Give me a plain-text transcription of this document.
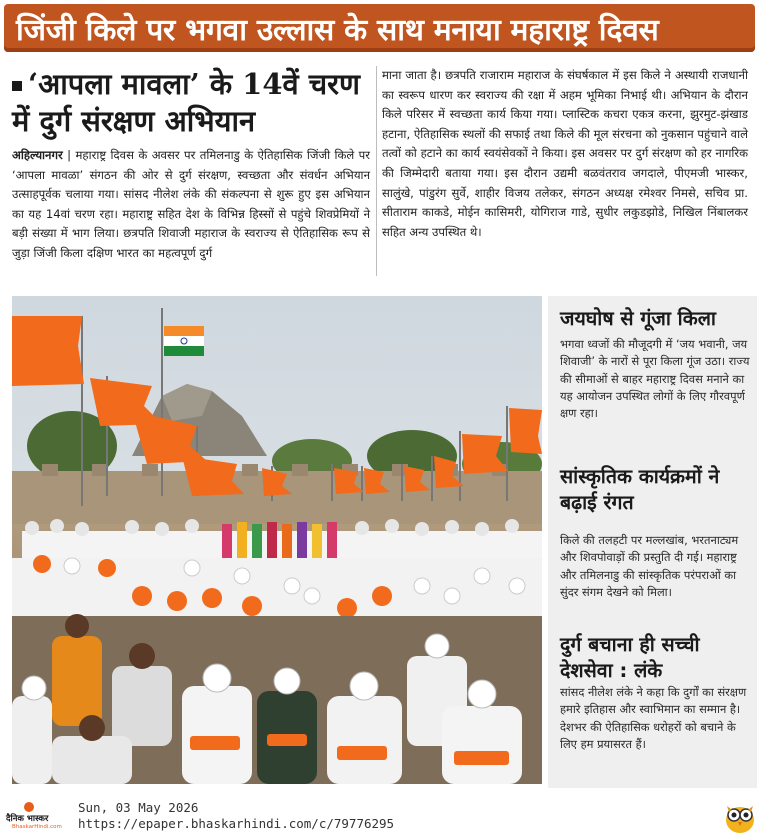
जिंजी किले पर भगवा उल्लास के साथ मनाया महाराष्ट्र दिवस
‘आपला मावला’ के 14वें चरण में दुर्ग संरक्षण अभियान
अहिल्यानगर | महाराष्ट्र दिवस के अवसर पर तमिलनाडु के ऐतिहासिक जिंजी किले पर ‘आपला मावळा’ संगठन की ओर से दुर्ग संरक्षण, स्वच्छता और संवर्धन अभियान उत्साहपूर्वक चलाया गया। सांसद नीलेश लंके की संकल्पना से शुरू हुए इस अभियान का यह 14वां चरण रहा। महाराष्ट्र सहित देश के विभिन्न हिस्सों से पहुंचे शिवप्रेमियों ने बड़ी संख्या में भाग लिया। छत्रपति शिवाजी महाराज के स्वराज्य से ऐतिहासिक रूप से जुड़ा जिंजी किला दक्षिण भारत का महत्वपूर्ण दुर्ग
माना जाता है। छत्रपति राजाराम महाराज के संघर्षकाल में इस किले ने अस्थायी राजधानी का स्वरूप धारण कर स्वराज्य की रक्षा में अहम भूमिका निभाई थी। अभियान के दौरान किले परिसर में स्वच्छता कार्य किया गया। प्लास्टिक कचरा एकत्र करना, झुरमुट-झंखाड हटाना, ऐतिहासिक स्थलों की सफाई तथा किले की मूल संरचना को नुकसान पहुंचाने वाले तत्वों को हटाने का कार्य स्वयंसेवकों ने किया। इस अवसर पर दुर्ग संरक्षण को हर नागरिक की जिम्मेदारी बताया गया। इस दौरान उद्यमी बळवंतराव जगदाले, पीएमजी भास्कर, सालुंखे, पांडुरंग सुर्वे, शाहीर विजय तलेकर, संगठन अध्यक्ष रमेश्वर निमसे, सचिव प्रा. सीताराम काकडे, मोईन कासिमरी, योगिराज गाडे, सुधीर लकुडझोडे, निखिल निंबालकर सहित अन्य उपस्थित थे।
जयघोष से गूंजा किला
भगवा ध्वजों की मौजूदगी में ‘जय भवानी, जय शिवाजी’ के नारों से पूरा किला गूंज उठा। राज्य की सीमाओं से बाहर महाराष्ट्र दिवस मनाने का यह आयोजन उपस्थित लोगों के लिए गौरवपूर्ण क्षण रहा।
सांस्कृतिक कार्यक्रमों ने बढ़ाई रंगत
किले की तलहटी पर मल्लखांब, भरतनाट्यम और शिवपोवाड़ों की प्रस्तुति दी गई। महाराष्ट्र और तमिलनाडु की सांस्कृतिक परंपराओं का सुंदर संगम देखने को मिला।
दुर्ग बचाना ही सच्ची देशसेवा : लंके
सांसद नीलेश लंके ने कहा कि दुर्गों का संरक्षण हमारे इतिहास और स्वाभिमान का सम्मान है। देशभर की ऐतिहासिक धरोहरों को बचाने के लिए हम प्रयासरत हैं।
दैनिक भास्कर
BhaskarHindi.com
Sun, 03 May 2026
https://epaper.bhaskarhindi.com/c/79776295
